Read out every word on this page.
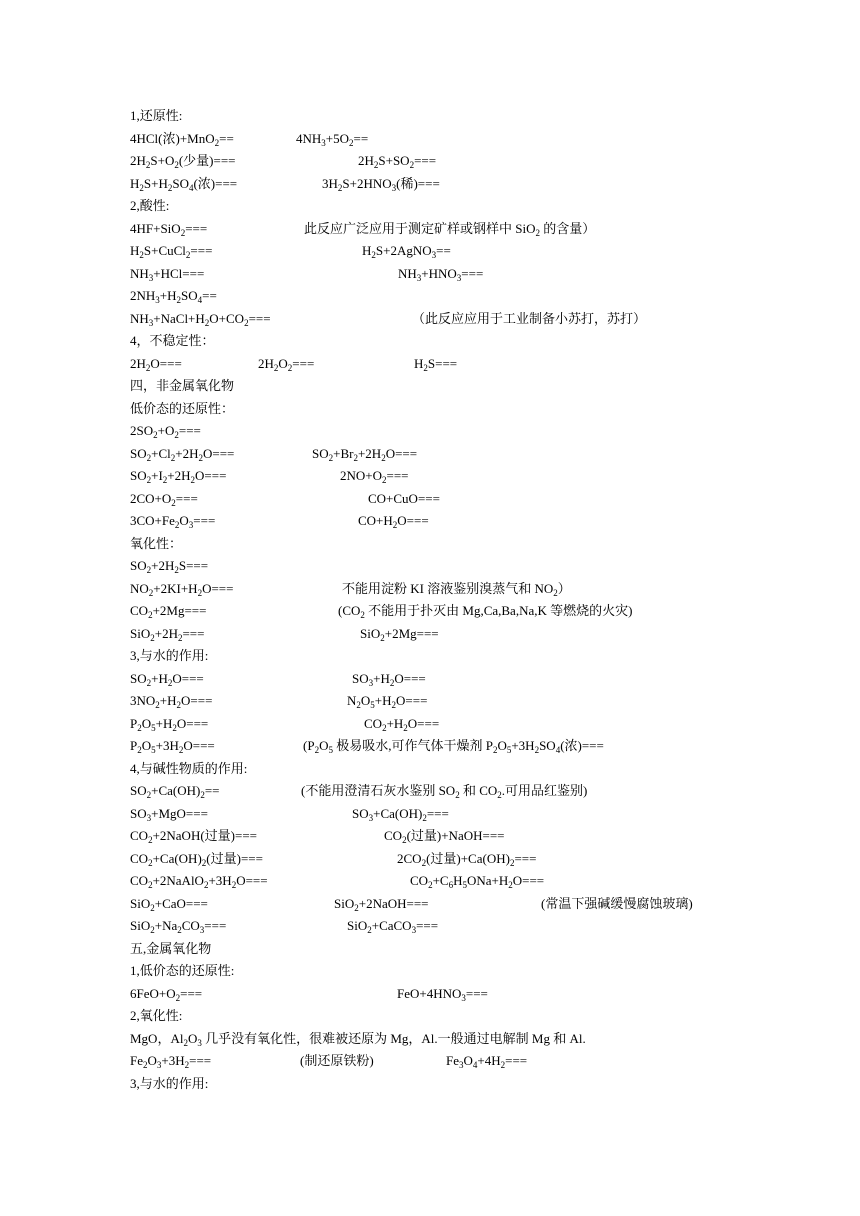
1,还原性:
4HCl(浓)+MnO$_2$==	$4NH_3+5O_2==$
$2H_2S+O_2$(少量)===	$2H_2S+SO_2===$
$H_2S+H_2SO_4$(浓)===	$3H_2S+2HNO_3$(稀)===
2,酸性:
4HF+SiO$_2$===	此反应广泛应用于测定矿样或钢样中 SiO$_2$ 的含量）
$H_2S+CuCl_2===$	$H_2S+2AgNO_3==$
$NH_3+HCl===$	$NH_3+HNO_3===$
$2NH_3+H_2SO_4==$
$NH_3+NaCl+H_2O+CO_2===$	（此反应应用于工业制备小苏打，苏打）
4，不稳定性：
$2H_2O===$	$2H_2O_2===$	$H_2S===$
四，非金属氧化物
低价态的还原性：
$2SO_2+O_2===$
$SO_2+Cl_2+2H_2O===$	$SO_2+Br_2+2H_2O===$
$SO_2+I_2+2H_2O===$	$2NO+O_2===$
$2CO+O_2===$	CO+CuO===
$3CO+Fe_2O_3===$	$CO+H_2O===$
氧化性：
$SO_2+2H_2S===$
$NO_2+2KI+H_2O===$	不能用淀粉 KI 溶液鉴别溴蒸气和 $NO_2$）
$CO_2+2Mg===$	($CO_2$ 不能用于扑灭由 Mg,Ca,Ba,Na,K 等燃烧的火灾)
$SiO_2+2H_2===$	SiO$_2$+2Mg===
3,与水的作用:
$SO_2+H_2O===$	$SO_3+H_2O===$
$3NO_2+H_2O===$	$N_2O_5+H_2O===$
$P_2O_5+H_2O===$	$CO_2+H_2O===$
$P_2O_5+3H_2O===$	($P_2O_5$ 极易吸水,可作气体干燥剂 $P_2O_5+3H_2SO_4$(浓)===
4,与碱性物质的作用:
$SO_2+Ca(OH)_2==$	(不能用澄清石灰水鉴别 $SO_2$ 和 $CO_2$.可用品红鉴别)
$SO_3+MgO===$	$SO_3+Ca(OH)_2===$
$CO_2+2NaOH$(过量)===	$CO_2$(过量)+NaOH===
$CO_2+Ca(OH)_2$(过量)===	$2CO_2$(过量)$+Ca(OH)_2===$
$CO_2+2NaAlO_2+3H_2O===$	$CO_2+C_6H_5ONa+H_2O===$
SiO$_2$+CaO===	SiO$_2$+2NaOH===	(常温下强碱缓慢腐蚀玻璃)
$SiO_2+Na_2CO_3===$	SiO$_2$+CaCO$_3$===
五,金属氧化物
1,低价态的还原性:
$6FeO+O_2===$	$FeO+4HNO_3===$
2,氧化性:
MgO，$Al_2O_3$ 几乎没有氧化性，很难被还原为 Mg，Al.一般通过电解制 Mg 和 Al.
$Fe_2O_3+3H_2===$	(制还原铁粉)	$Fe_3O_4+4H_2===$
3,与水的作用:
